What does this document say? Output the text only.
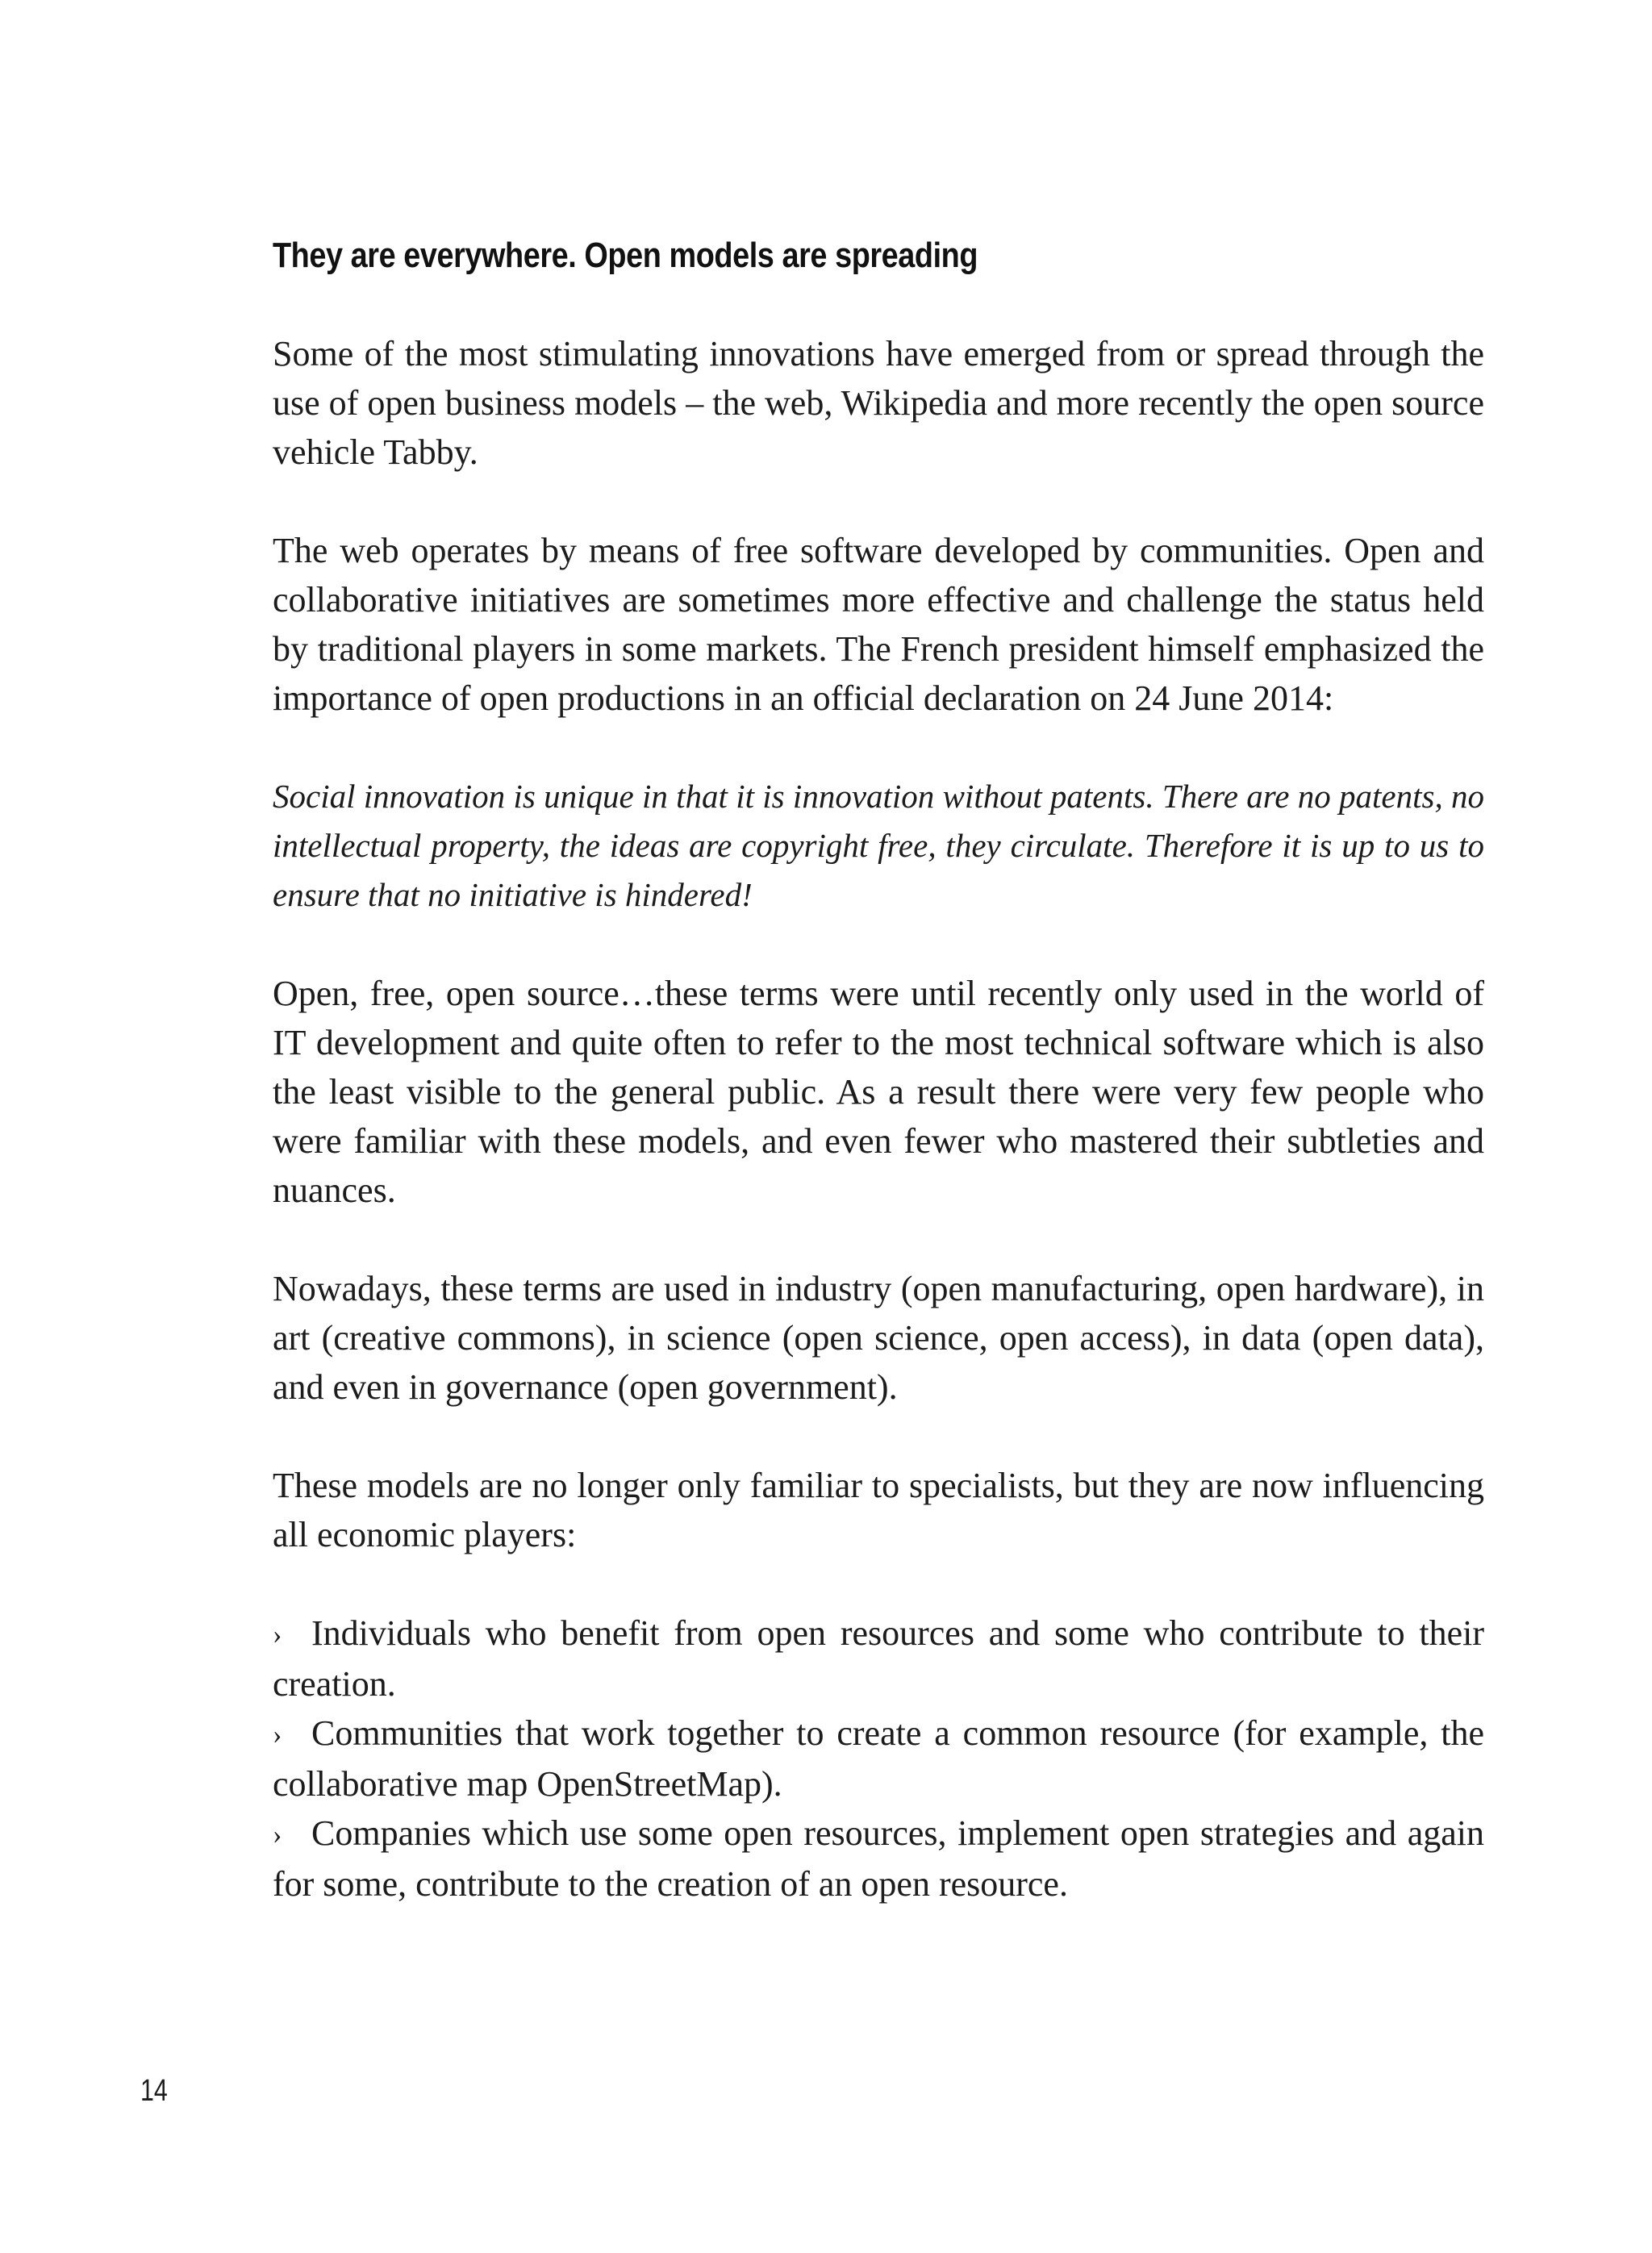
They are everywhere. Open models are spreading

Some of the most stimulating innovations have emerged from or spread through the use of open business models – the web, Wikipedia and more recently the open source vehicle Tabby.

The web operates by means of free software developed by communities. Open and collaborative initiatives are sometimes more effective and challenge the status held by traditional players in some markets. The French president himself emphasized the importance of open productions in an official declaration on 24 June 2014:

Social innovation is unique in that it is innovation without patents. There are no patents, no intellectual property, the ideas are copyright free, they circulate. Therefore it is up to us to ensure that no initiative is hindered!

Open, free, open source…these terms were until recently only used in the world of IT development and quite often to refer to the most technical software which is also the least visible to the general public. As a result there were very few people who were familiar with these models, and even fewer who mastered their subtleties and nuances.

Nowadays, these terms are used in industry (open manufacturing, open hardware), in art (creative commons), in science (open science, open access), in data (open data), and even in governance (open government).

These models are no longer only familiar to specialists, but they are now influencing all economic players:

› Individuals who benefit from open resources and some who contribute to their creation.
› Communities that work together to create a common resource (for example, the collaborative map OpenStreetMap).
› Companies which use some open resources, implement open strategies and again for some, contribute to the creation of an open resource.
14
